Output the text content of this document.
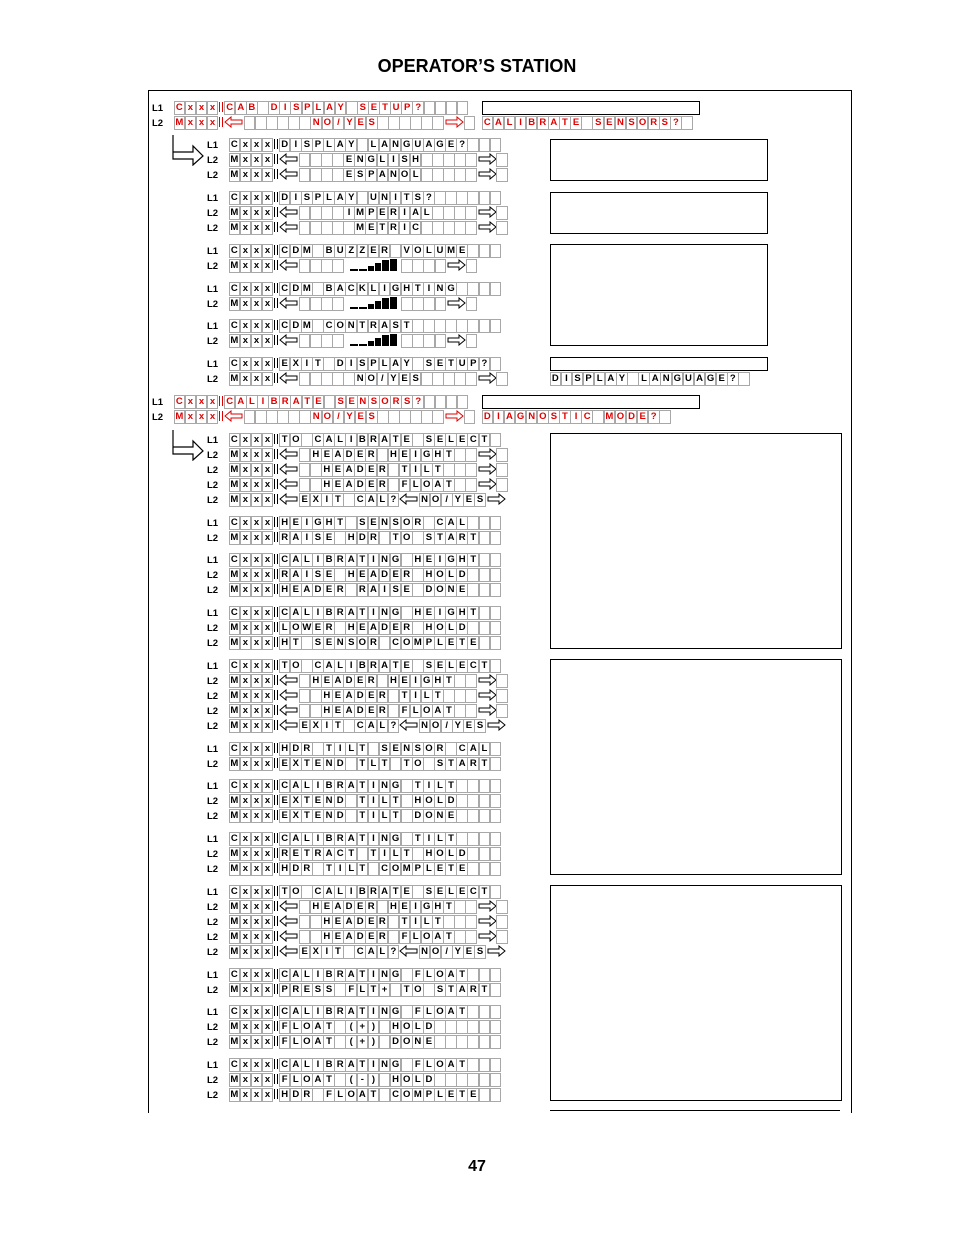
OPERATOR’S STATION
L1	C x x x	C A B D I S P L A Y S E T U P ?
L2	M x x x	N O / Y E S	C A L I B R A T E S E N S O R S ?
L1	C x x x	D I S P L A Y	L A N G U A G E ?
L2	M x x x	E N G L I S H
L2	M x x x	E S P A N O L
L1	C x x x	D I S P L A Y U N I T S ?
L2	M x x x	I M P E R I A L
L2	M x x x	M E T R I C
L1	C x x x	C D M B U Z Z E R V O L U M E
L2	M x x x
L1	C x x x	C D M B A C K L I G H T I N G
L2	M x x x
L1	C x x x	C D M C O N T R A S T
L2	M x x x
L1	C x x x	E X I T	D I S P L A Y S E T U P ?
L2	M x x x	N O / Y E S	D I S P L A Y	L A N G U A G E ?
L1	C x x x	C A L I B R A T E S E N S O R S ?
L2	M x x x	N O / Y E S	D I A G N O S T I C M O D E ?
L1	C x x x	T O C A L I B R A T E S E L E C T
L2	M x x x	H E A D E R H E I G H T
L2	M x x x	H E A D E R	T I L T
L2	M x x x	H E A D E R	F L O A T
L2	M x x x	E X I T	C A L ?	N O / Y E S
L1	C x x x	H E I G H T	S E N S O R C A L
L2	M x x x	R A I S E H D R	T O S T A R T
L1	C x x x	C A L I B R A T I N G H E I G H T
L2	M x x x	R A I S E H E A D E R H O L D
L2	M x x x	H E A D E R R A I S E D O N E
L1	C x x x	C A L I B R A T I N G H E I G H T
L2	M x x x	L O W E R H E A D E R H O L D
L2	M x x x	H T	S E N S O R C O M P L E T E
L1	C x x x	T O C A L I B R A T E S E L E C T
L2	M x x x	H E A D E R H E I G H T
L2	M x x x	H E A D E R	T I L T
L2	M x x x	H E A D E R	F L O A T
L2	M x x x	E X I T	C A L ?	N O / Y E S
L1	C x x x	H D R	T I L T	S E N S O R C A L
L2	M x x x	E X T E N D	T L T	T O S T A R T
L1	C x x x	C A L I B R A T I N G	T I L T
L2	M x x x	E X T E N D	T I L T	H O L D
L2	M x x x	E X T E N D	T I L T	D O N E
L1	C x x x	C A L I B R A T I N G	T I L T
L2	M x x x	R E T R A C T	T I L T	H O L D
L2	M x x x	H D R	T I L T	C O M P L E T E
L1	C x x x	T O C A L I B R A T E S E L E C T
L2	M x x x	H E A D E R H E I G H T
L2	M x x x	H E A D E R	T I L T
L2	M x x x	H E A D E R	F L O A T
L2	M x x x	E X I T	C A L ?	N O / Y E S
L1	C x x x	C A L I B R A T I N G	F L O A T
L2	M x x x	P R E S S	F L T +	T O S T A R T
L1	C x x x	C A L I B R A T I N G	F L O A T
L2	M x x x	F L O A T	( + )	H O L D
L2	M x x x	F L O A T	( + )	D O N E
L1	C x x x	C A L I B R A T I N G	F L O A T
L2	M x x x	F L O A T	( - )	H O L D
L2	M x x x	H D R	F L O A T	C O M P L E T E
47
